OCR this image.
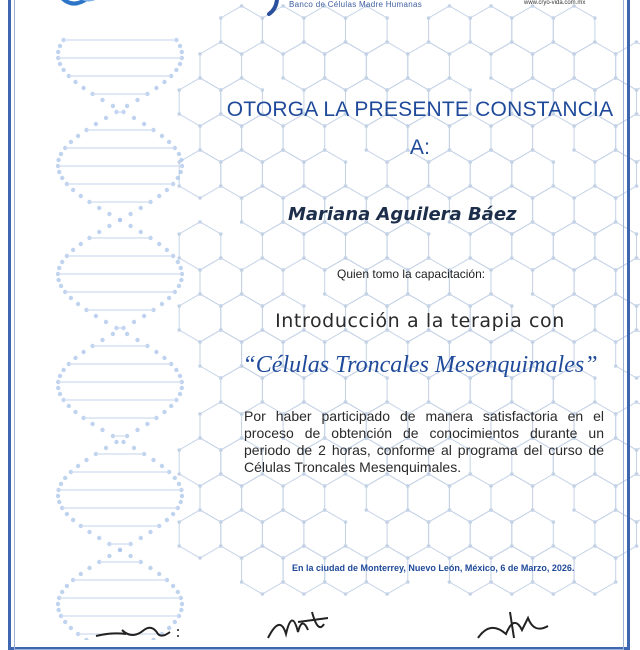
Banco de Células Madre Humanas	www.cryo-vida.com.mx
OTORGA LA PRESENTE CONSTANCIA
A:
Mariana Aguilera Báez
Quien tomo la capacitación:
Introducción a la terapia con
“Células Troncales Mesenquimales”
Por haber participado de manera satisfactoria en el proceso de obtención de conocimientos durante un periodo de 2 horas, conforme al programa del curso de Células Troncales Mesenquimales.
En la ciudad de Monterrey, Nuevo León, México, 6 de Marzo, 2026.
